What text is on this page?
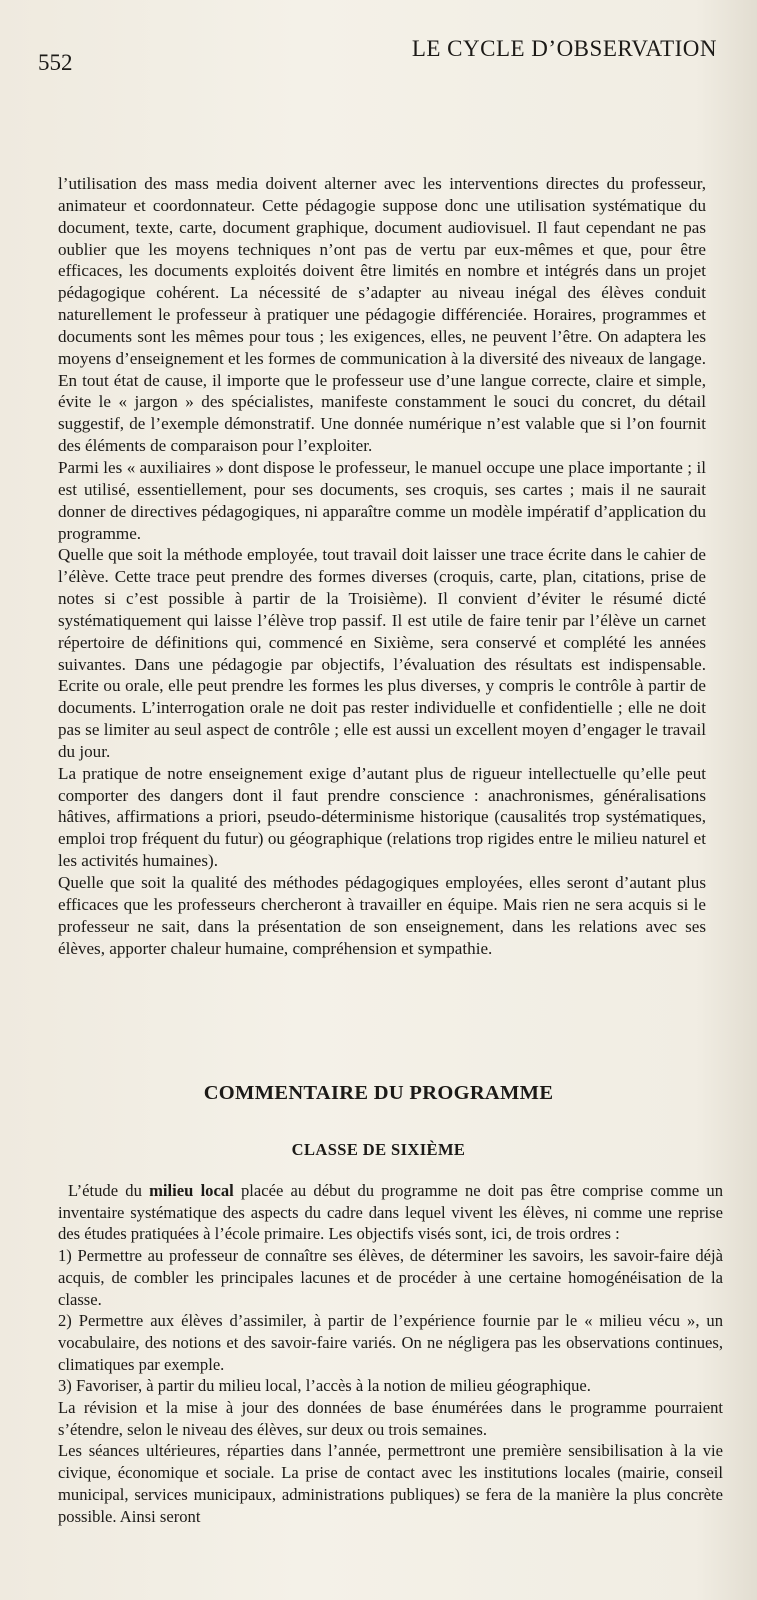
552
LE CYCLE D’OBSERVATION

l’utilisation des mass media doivent alterner avec les interventions directes du professeur, animateur et coordonnateur. Cette pédagogie suppose donc une utilisation systématique du document, texte, carte, document graphique, document audiovisuel. Il faut cependant ne pas oublier que les moyens techniques n’ont pas de vertu par eux-mêmes et que, pour être efficaces, les documents exploités doivent être limités en nombre et intégrés dans un projet pédagogique cohérent. La nécessité de s’adapter au niveau inégal des élèves conduit naturellement le professeur à pratiquer une pédagogie différenciée. Horaires, programmes et documents sont les mêmes pour tous ; les exigences, elles, ne peuvent l’être. On adaptera les moyens d’enseignement et les formes de communication à la diversité des niveaux de langage. En tout état de cause, il importe que le professeur use d’une langue correcte, claire et simple, évite le « jargon » des spécialistes, manifeste constamment le souci du concret, du détail suggestif, de l’exemple démonstratif. Une donnée numérique n’est valable que si l’on fournit des éléments de comparaison pour l’exploiter.

Parmi les « auxiliaires » dont dispose le professeur, le manuel occupe une place importante ; il est utilisé, essentiellement, pour ses documents, ses croquis, ses cartes ; mais il ne saurait donner de directives pédagogiques, ni apparaître comme un modèle impératif d’application du programme.

Quelle que soit la méthode employée, tout travail doit laisser une trace écrite dans le cahier de l’élève. Cette trace peut prendre des formes diverses (croquis, carte, plan, citations, prise de notes si c’est possible à partir de la Troisième). Il convient d’éviter le résumé dicté systématiquement qui laisse l’élève trop passif. Il est utile de faire tenir par l’élève un carnet répertoire de définitions qui, commencé en Sixième, sera conservé et complété les années suivantes. Dans une pédagogie par objectifs, l’évaluation des résultats est indispensable. Ecrite ou orale, elle peut prendre les formes les plus diverses, y compris le contrôle à partir de documents. L’interrogation orale ne doit pas rester individuelle et confidentielle ; elle ne doit pas se limiter au seul aspect de contrôle ; elle est aussi un excellent moyen d’engager le travail du jour.

La pratique de notre enseignement exige d’autant plus de rigueur intellectuelle qu’elle peut comporter des dangers dont il faut prendre conscience : anachronismes, généralisations hâtives, affirmations a priori, pseudo-déterminisme historique (causalités trop systématiques, emploi trop fréquent du futur) ou géographique (relations trop rigides entre le milieu naturel et les activités humaines).

Quelle que soit la qualité des méthodes pédagogiques employées, elles seront d’autant plus efficaces que les professeurs chercheront à travailler en équipe. Mais rien ne sera acquis si le professeur ne sait, dans la présentation de son enseignement, dans les relations avec ses élèves, apporter chaleur humaine, compréhension et sympathie.

COMMENTAIRE DU PROGRAMME
CLASSE DE SIXIÈME

L’étude du milieu local placée au début du programme ne doit pas être comprise comme un inventaire systématique des aspects du cadre dans lequel vivent les élèves, ni comme une reprise des études pratiquées à l’école primaire. Les objectifs visés sont, ici, de trois ordres :

1) Permettre au professeur de connaître ses élèves, de déterminer les savoirs, les savoir-faire déjà acquis, de combler les principales lacunes et de procéder à une certaine homogénéisation de la classe.

2) Permettre aux élèves d’assimiler, à partir de l’expérience fournie par le « milieu vécu », un vocabulaire, des notions et des savoir-faire variés. On ne négligera pas les observations continues, climatiques par exemple.

3) Favoriser, à partir du milieu local, l’accès à la notion de milieu géographique.

La révision et la mise à jour des données de base énumérées dans le programme pourraient s’étendre, selon le niveau des élèves, sur deux ou trois semaines.

Les séances ultérieures, réparties dans l’année, permettront une première sensibilisation à la vie civique, économique et sociale. La prise de contact avec les institutions locales (mairie, conseil municipal, services municipaux, administrations publiques) se fera de la manière la plus concrète possible. Ainsi seront
